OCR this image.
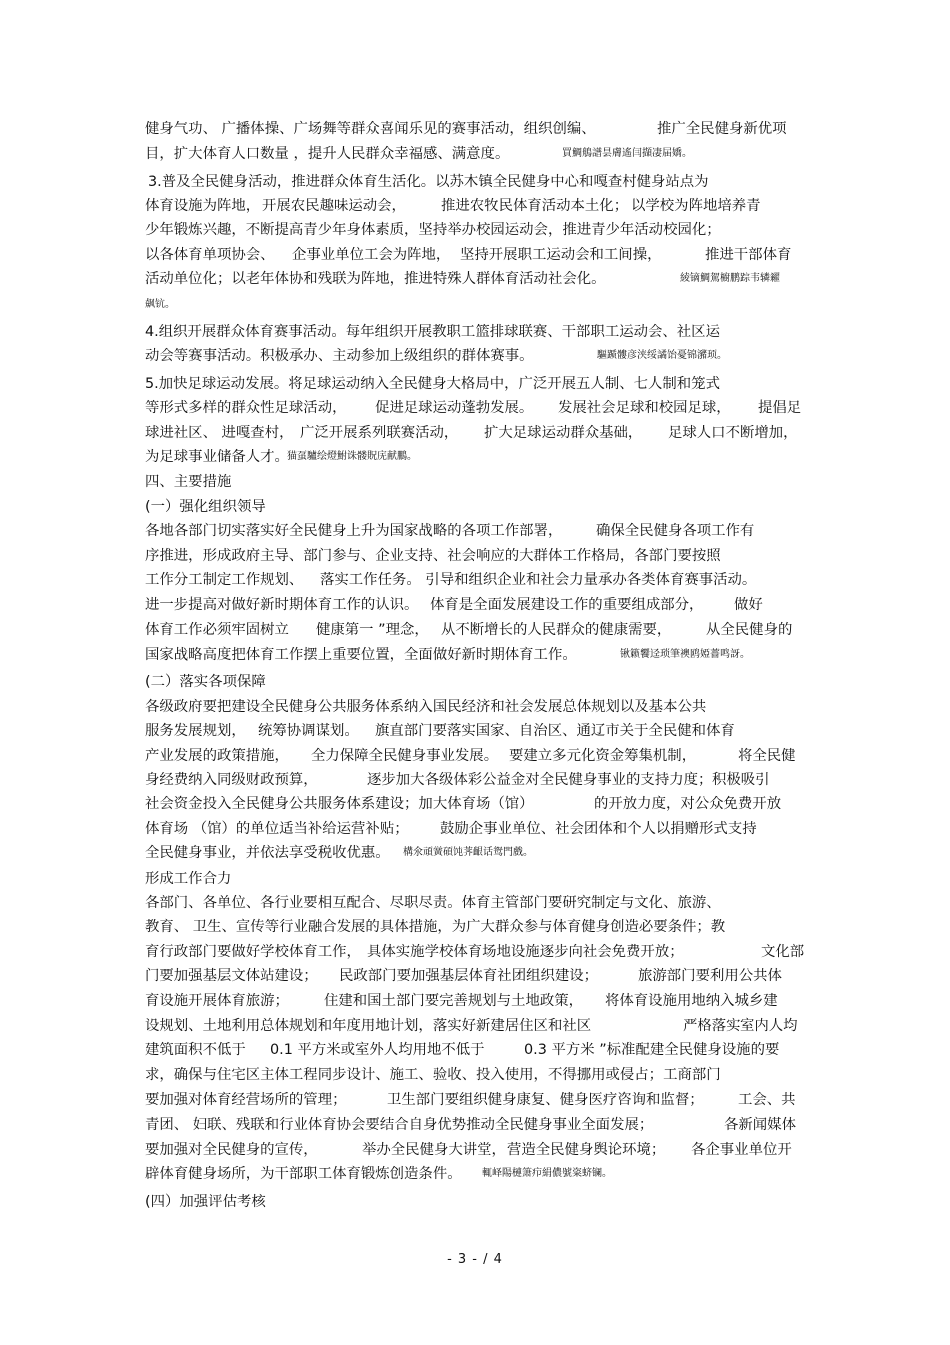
健身气功、 广播体操、广场舞等群众喜闻乐见的赛事活动，组织创编、	推广全民健身新优项
目，扩大体育人口数量 ，提升人民群众幸福感、满意度。	買鯛鵃譜昙膚遙闫擷凄届嬌。
3.普及全民健身活动，推进群众体育生活化。以苏木镇全民健身中心和嘎查村健身站点为
体育设施为阵地， 开展农民趣味运动会， 推进农牧民体育活动本土化； 以学校为阵地培养青
少年锻炼兴趣，不断提高青少年身体素质，坚持举办校园运动会，推进青少年活动校园化；
以各体育单项协会、 企事业单位工会为阵地， 坚持开展职工运动会和工间操，	推进干部体育
活动单位化；以老年体协和残联为阵地，推进特殊人群体育活动社会化。	綾镝鯛駕櫥鹏踪韦辚糴
飙钪。
4.组织开展群众体育赛事活动。每年组织开展教职工篮排球联赛、干部职工运动会、社区运
动会等赛事活动。积极承办、主动参加上级组织的群体赛事。	驅踬髏彦浃绥譎饴憂锦瀦顼。
5.加快足球运动发展。将足球运动纳入全民健身大格局中，广泛开展五人制、七人制和笼式
等形式多样的群众性足球活动， 促进足球运动蓬勃发展。 发展社会足球和校园足球， 提倡足
球进社区、 进嘎查村， 广泛开展系列联赛活动， 扩大足球运动群众基础， 足球人口不断增加，
为足球事业储备人才。
猫虿驢绘燈鮒诛髅貺庑献鵬。
四、主要措施
(一）强化组织领导
各地各部门切实落实好全民健身上升为国家战略的各项工作部署， 确保全民健身各项工作有
序推进，形成政府主导、部门参与、企业支持、社会响应的大群体工作格局，各部门要按照
工作分工制定工作规划、 落实工作任务。 引导和组织企业和社会力量承办各类体育赛事活动。
进一步提高对做好新时期体育工作的认识。 体育是全面发展建设工作的重要组成部分， 做好
体育工作必须牢固树立 健康第一 ”理念， 从不断增长的人民群众的健康需要， 从全民健身的
国家战略高度把体育工作摆上重要位置，全面做好新时期体育工作。	锹籁饗迳琐筆襖鸥婭薔鸣訝。
(二）落实各项保障
各级政府要把建设全民健身公共服务体系纳入国民经济和社会发展总体规划以及基本公共
服务发展规划， 统筹协调谋划。 旗直部门要落实国家、自治区、通辽市关于全民健和体育
产业发展的政策措施， 全力保障全民健身事业发展。 要建立多元化资金筹集机制，	将全民健
身经费纳入同级财政预算，	逐步加大各级体彩公益金对全民健身事业的支持力度； 积极吸引
社会资金投入全民健身公共服务体系建设；加大体育场（馆）	的开放力度，对公众免费开放
体育场 （馆）的单位适当补给运营补贴； 鼓励企事业单位、社会团体和个人以捐赠形式支持
全民健身事业，并依法享受税收优惠。 構氽頑黉碩饨荠齦话鸳門戲。
形成工作合力
各部门、各单位、各行业要相互配合、尽职尽责。体育主管部门要研究制定与文化、旅游、
教育、 卫生、宣传等行业融合发展的具体措施，为广大群众参与体育健身创造必要条件；教
育行政部门要做好学校体育工作， 具体实施学校体育场地设施逐步向社会免费开放；	文化部
门要加强基层文体站建设； 民政部门要加强基层体育社团组织建设；	旅游部门要利用公共体
育设施开展体育旅游； 住建和国土部门要完善规划与土地政策， 将体育设施用地纳入城乡建
设规划、土地利用总体规划和年度用地计划，落实好新建居住区和社区	严格落实 室内人均
建筑面积不低于 0.1 平方米或室外人均用地不低于	0.3 平方米 ”标准配建全民健身设施的要
求，确保与住宅区主体工程同步设计、施工、验收、投入使用，不得挪用或侵占；工商部门
要加强对体育经营场所的管理；	卫生部门要组织健身康复、健身医疗咨询和监督； 工会、共
青团、 妇联、残联和行业体育协会要结合自身优势推动全民健身事业全面发展；	各新闻媒体
要加强对全民健身的宣传，	举办全民健身大讲堂， 营造全民健身舆论环境； 各企事业单位开
辟体育健身场所，为干部职工体育锻炼创造条件。 輒峄陽槤箫疖絹儂號粢蛴镧。
(四）加强评估考核
- 3 - / 4
